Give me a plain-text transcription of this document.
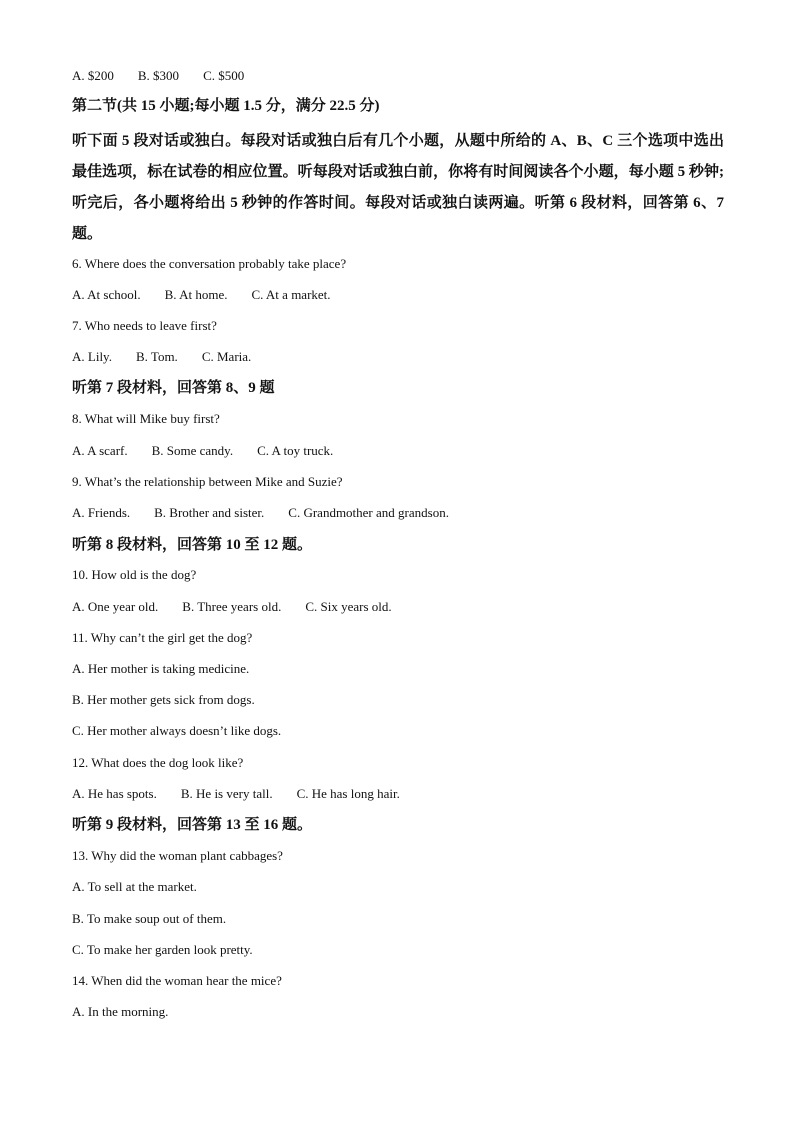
A. $200 B. $300 C. $500
第二节(共 15 小题;每小题 1.5 分，满分 22.5 分)
听下面 5 段对话或独白。每段对话或独白后有几个小题，从题中所给的 A、B、C 三个选项中选出最佳选项，标在试卷的相应位置。听每段对话或独白前，你将有时间阅读各个小题，每小题 5 秒钟;听完后，各小题将给出 5 秒钟的作答时间。每段对话或独白读两遍。听第 6 段材料，回答第 6、7 题。
6. Where does the conversation probably take place?
A. At school. B. At home. C. At a market.
7. Who needs to leave first?
A. Lily. B. Tom. C. Maria.
听第 7 段材料，回答第 8、9 题
8. What will Mike buy first?
A. A scarf. B. Some candy. C. A toy truck.
9. What’s the relationship between Mike and Suzie?
A. Friends. B. Brother and sister. C. Grandmother and grandson.
听第 8 段材料，回答第 10 至 12 题。
10. How old is the dog?
A. One year old. B. Three years old. C. Six years old.
11. Why can’t the girl get the dog?
A. Her mother is taking medicine.
B. Her mother gets sick from dogs.
C. Her mother always doesn’t like dogs.
12. What does the dog look like?
A. He has spots. B. He is very tall. C. He has long hair.
听第 9 段材料，回答第 13 至 16 题。
13. Why did the woman plant cabbages?
A. To sell at the market.
B. To make soup out of them.
C. To make her garden look pretty.
14. When did the woman hear the mice?
A. In the morning.
